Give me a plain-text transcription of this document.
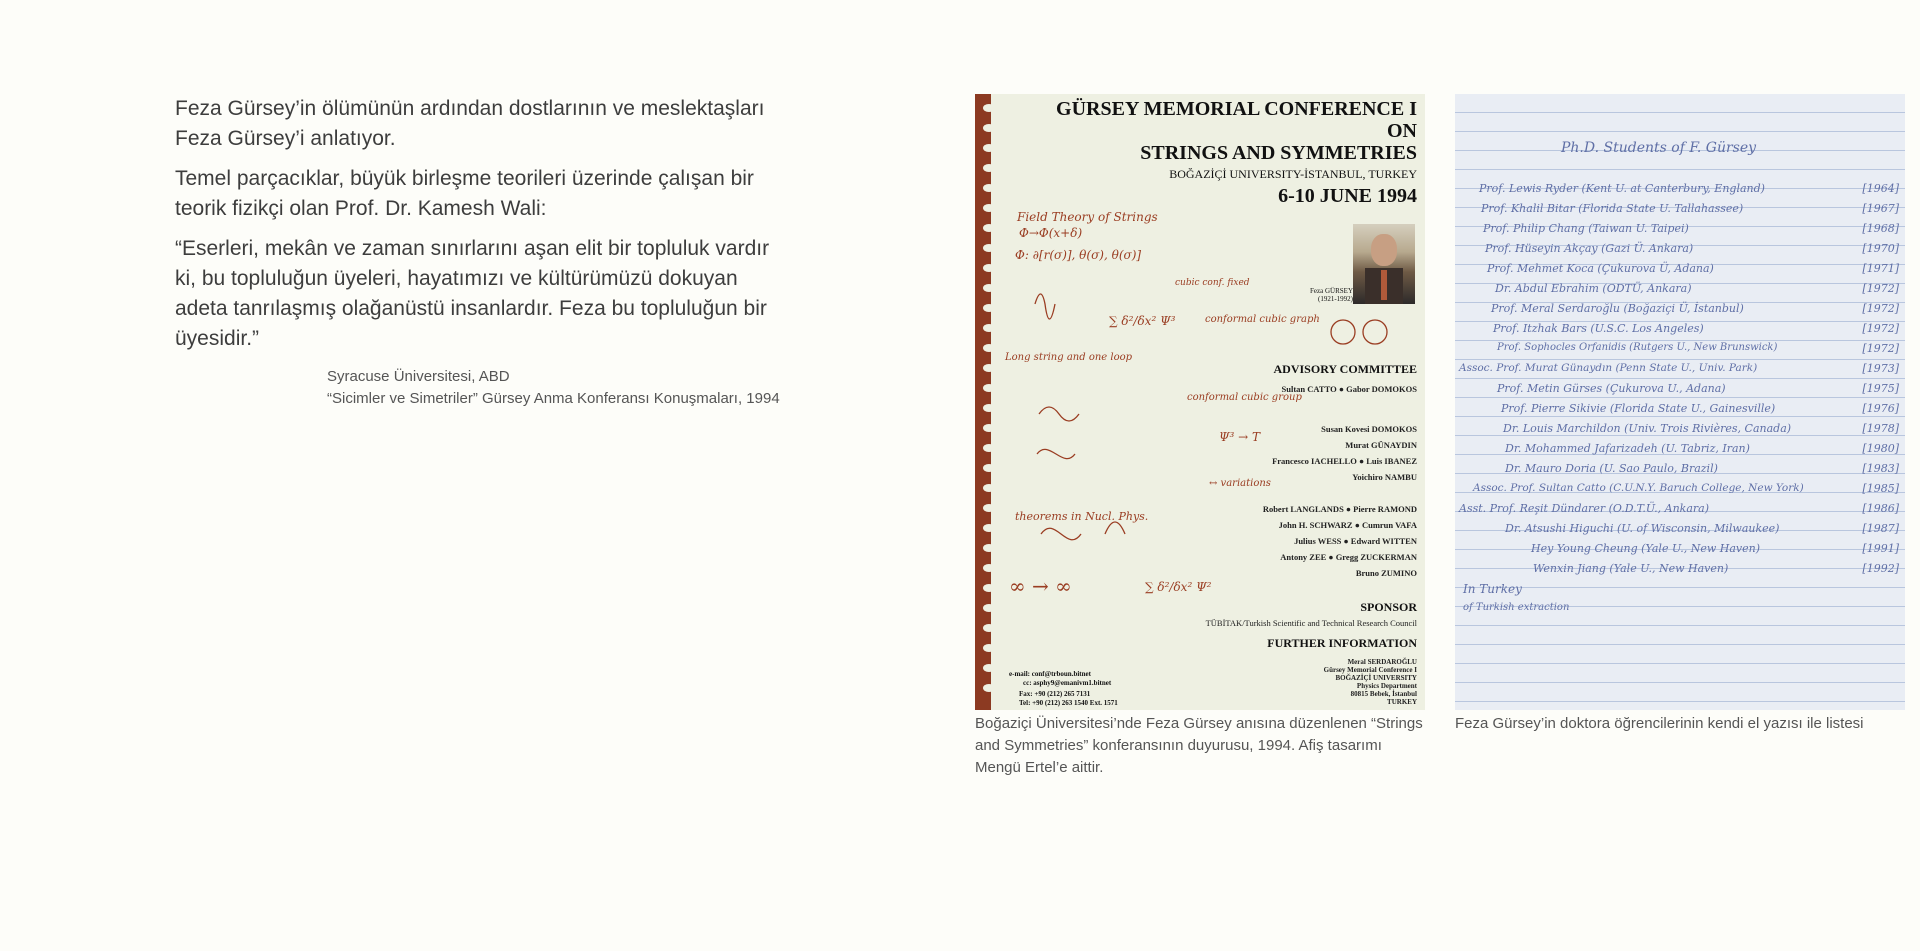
Feza Gürsey’in ölümünün ardından dostlarının ve meslektaşları Feza Gürsey’i anlatıyor.

Temel parçacıklar, büyük birleşme teorileri üzerinde çalışan bir teorik fizikçi olan Prof. Dr. Kamesh Wali:

“Eserleri, mekân ve zaman sınırlarını aşan elit bir topluluk vardır ki, bu topluluğun üyeleri, hayatımızı ve kültürümüzü dokuyan adeta tanrılaşmış olağanüstü insanlardır. Feza bu topluluğun bir üyesidir.”

Syracuse Üniversitesi, ABD
“Sicimler ve Simetriler” Gürsey Anma Konferansı Konuşmaları, 1994
GÜRSEY MEMORIAL CONFERENCE I
ON
STRINGS AND SYMMETRIES
BOĞAZİÇİ UNIVERSITY-İSTANBUL, TURKEY
6-10 JUNE 1994
Feza GÜRSEY
(1921-1992)
ADVISORY COMMITTEE
Sultan CATTO ● Gabor DOMOKOS
Susan Kovesi DOMOKOS
Murat GÜNAYDIN
Francesco IACHELLO ● Luis IBANEZ
Yoichiro NAMBU
Robert LANGLANDS ● Pierre RAMOND
John H. SCHWARZ ● Cumrun VAFA
Julius WESS ● Edward WITTEN
Antony ZEE ● Gregg ZUCKERMAN
Bruno ZUMINO
SPONSOR
TÜBİTAK/Turkish Scientific and Technical Research Council
FURTHER INFORMATION
Meral SERDAROĞLU
Gürsey Memorial Conference I
BOĞAZİÇİ UNIVERSITY
Physics Department
80815 Bebek, İstanbul
TURKEY
e-mail: conf@trboun.bitnet
cc: asphy9@emanivm1.bitnet
Fax: +90 (212) 265 7131
Tel: +90 (212) 263 1540 Ext. 1571
Field Theory of Strings
Φ→Φ(x+δ)
Φ: ∂[r(σ)], θ(σ), θ(σ)]
cubic conf. fixed
Long string and one loop
conformal cubic group
∑ δ²/δx² Ψ³	conformal cubic graph
Ψ³ → T
↔ variations
theorems in Nucl. Phys.
∞ → ∞	∑ δ²/δx² Ψ²
Boğaziçi Üniversitesi’nde Feza Gürsey anısına düzenlenen “Strings and Symmetries” konferansının duyurusu, 1994. Afiş tasarımı Mengü Ertel’e aittir.
Ph.D. Students of F. Gürsey
Prof. Lewis Ryder (Kent U. at Canterbury, England)	[1964]
Prof. Khalil Bitar (Florida State U. Tallahassee)	[1967]
Prof. Philip Chang (Taiwan U. Taipei)	[1968]
Prof. Hüseyin Akçay (Gazi Ü. Ankara)	[1970]
Prof. Mehmet Koca (Çukurova Ü, Adana)	[1971]
Dr. Abdul Ebrahim (ODTÜ, Ankara)	[1972]
Prof. Meral Serdaroğlu (Boğaziçi Ü, İstanbul)	[1972]
Prof. Itzhak Bars (U.S.C. Los Angeles)	[1972]
Prof. Sophocles Orfanidis (Rutgers U., New Brunswick)	[1972]
Assoc. Prof. Murat Günaydın (Penn State U., Univ. Park)	[1973]
Prof. Metin Gürses (Çukurova U., Adana)	[1975]
Prof. Pierre Sikivie (Florida State U., Gainesville)	[1976]
Dr. Louis Marchildon (Univ. Trois Rivières, Canada)	[1978]
Dr. Mohammed Jafarizadeh (U. Tabriz, Iran)	[1980]
Dr. Mauro Doria (U. Sao Paulo, Brazil)	[1983]
Assoc. Prof. Sultan Catto (C.U.N.Y. Baruch College, New York)	[1985]
Asst. Prof. Reşit Dündarer (O.D.T.Ü., Ankara)	[1986]
Dr. Atsushi Higuchi (U. of Wisconsin, Milwaukee)	[1987]
Hey Young Cheung (Yale U., New Haven)	[1991]
Wenxin Jiang (Yale U., New Haven)	[1992]
In Turkey
of Turkish extraction
Feza Gürsey’in doktora öğrencilerinin kendi el yazısı ile listesi
